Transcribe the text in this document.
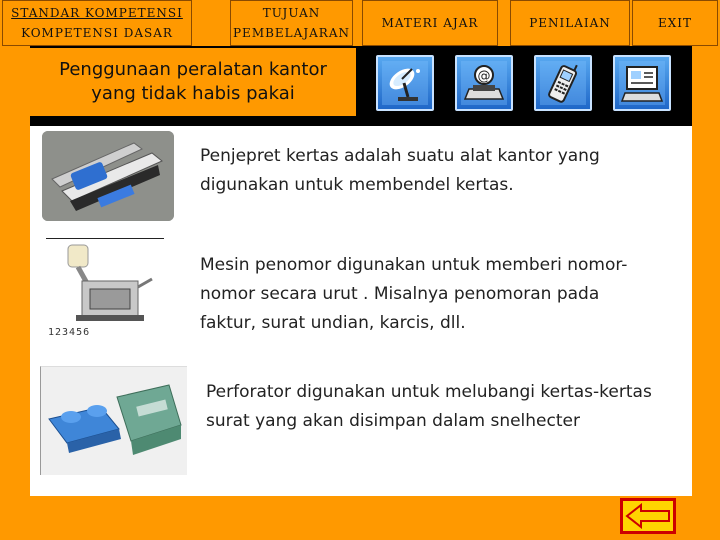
STANDAR KOMPETENSI
KOMPETENSI DASAR
TUJUAN
PEMBELAJARAN
MATERI AJAR	PENILAIAN	EXIT
Penggunaan peralatan kantor
yang tidak habis pakai
@
Penjepret kertas adalah suatu alat kantor yang digunakan untuk membendel kertas.
123456
Mesin penomor digunakan untuk memberi nomor-nomor secara urut . Misalnya penomoran pada faktur, surat undian, karcis, dll.
Perforator digunakan untuk melubangi kertas-kertas surat yang akan disimpan dalam snelhecter
